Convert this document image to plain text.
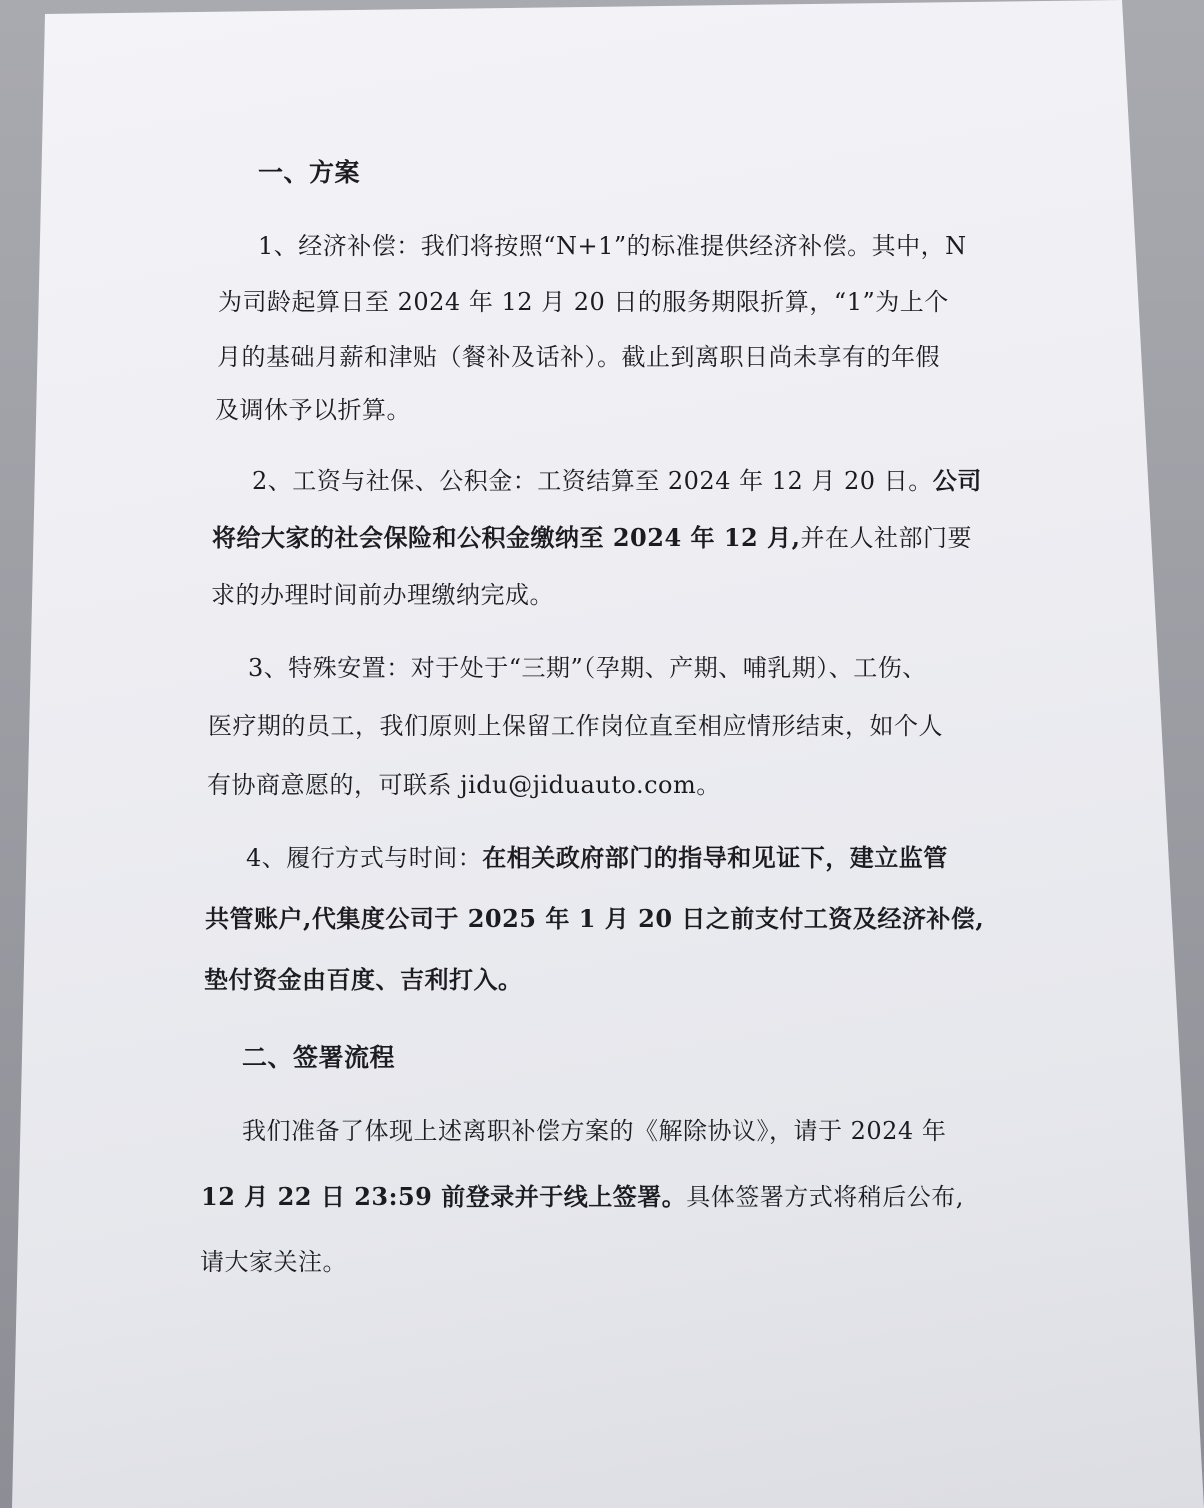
一、方案
1、经济补偿：我们将按照“N+1”的标准提供经济补偿。其中，N
为司龄起算日至 2024 年 12 月 20 日的服务期限折算，“1”为上个
月的基础月薪和津贴（餐补及话补）。截止到离职日尚未享有的年假
及调休予以折算。
2、工资与社保、公积金：工资结算至 2024 年 12 月 20 日。公司
将给大家的社会保险和公积金缴纳至 2024 年 12 月,并在人社部门要
求的办理时间前办理缴纳完成。
3、特殊安置：对于处于“三期”（孕期、产期、哺乳期）、工伤、
医疗期的员工，我们原则上保留工作岗位直至相应情形结束，如个人
有协商意愿的，可联系 jidu@jiduauto.com。
4、履行方式与时间：在相关政府部门的指导和见证下，建立监管
共管账户,代集度公司于 2025 年 1 月 20 日之前支付工资及经济补偿,
垫付资金由百度、吉利打入。
二、签署流程
我们准备了体现上述离职补偿方案的《解除协议》，请于 2024 年
12 月 22 日 23:59 前登录并于线上签署。具体签署方式将稍后公布,
请大家关注。
